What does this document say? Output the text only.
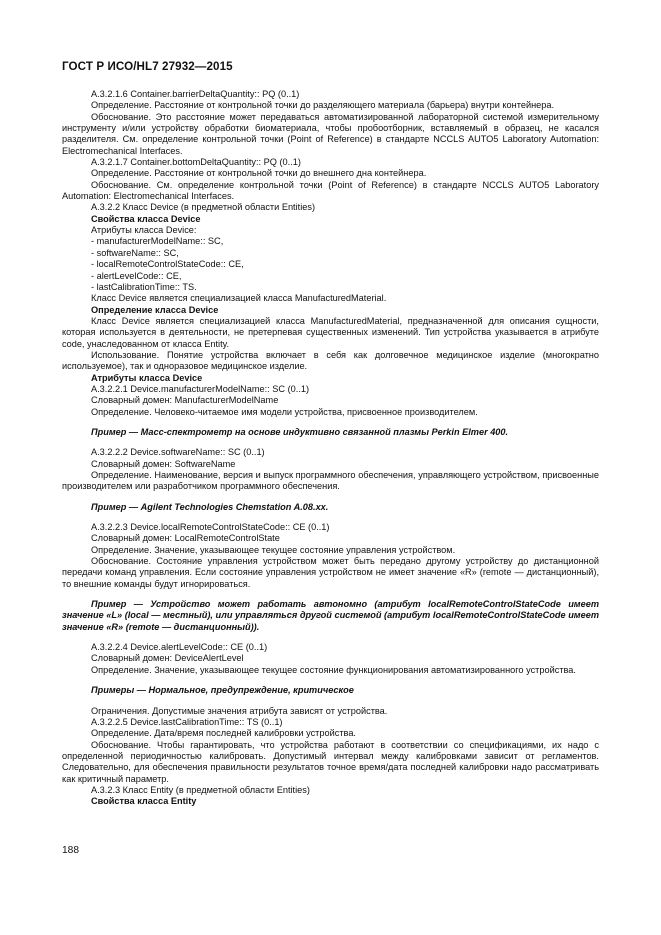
ГОСТ Р ИСО/HL7 27932—2015

A.3.2.1.6 Container.barrierDeltaQuantity:: PQ (0..1)

Определение. Расстояние от контрольной точки до разделяющего материала (барьера) внутри контейнера.

Обоснование. Это расстояние может передаваться автоматизированной лабораторной системой измерительному инструменту и/или устройству обработки биоматериала, чтобы пробоотборник, вставляемый в образец, не касался разделителя. См. определение контрольной точки (Point of Reference) в стандарте NCCLS AUTO5 Laboratory Automation: Electromechanical Interfaces.

A.3.2.1.7 Container.bottomDeltaQuantity:: PQ (0..1)

Определение. Расстояние от контрольной точки до внешнего дна контейнера.

Обоснование. См. определение контрольной точки (Point of Reference) в стандарте NCCLS AUTO5 Laboratory Automation: Electromechanical Interfaces.

A.3.2.2 Класс Device (в предметной области Entities)

Свойства класса Device

Атрибуты класса Device:

- manufacturerModelName:: SC,

- softwareName:: SC,

- localRemoteControlStateCode:: CE,

- alertLevelCode:: CE,

- lastCalibrationTime:: TS.

Класс Device является специализацией класса ManufacturedMaterial.

Определение класса Device

Класс Device является специализацией класса ManufacturedMaterial, предназначенной для описания сущности, которая используется в деятельности, не претерпевая существенных изменений. Тип устройства указывается в атрибуте code, унаследованном от класса Entity.

Использование. Понятие устройства включает в себя как долговечное медицинское изделие (многократно используемое), так и одноразовое медицинское изделие.

Атрибуты класса Device

A.3.2.2.1 Device.manufacturerModelName:: SC (0..1)

Словарный домен: ManufacturerModelName

Определение. Человеко-читаемое имя модели устройства, присвоенное производителем.

Пример — Масс-спектрометр на основе индуктивно связанной плазмы Perkin Elmer 400.

A.3.2.2.2 Device.softwareName:: SC (0..1)

Словарный домен: SoftwareName

Определение. Наименование, версия и выпуск программного обеспечения, управляющего устройством, присвоенные производителем или разработчиком программного обеспечения.

Пример — Agilent Technologies Chemstation A.08.xx.

A.3.2.2.3 Device.localRemoteControlStateCode:: CE (0..1)

Словарный домен: LocalRemoteControlState

Определение. Значение, указывающее текущее состояние управления устройством.

Обоснование. Состояние управления устройством может быть передано другому устройству до дистанционной передачи команд управления. Если состояние управления устройством не имеет значение «R» (remote — дистанционный), то внешние команды будут игнорироваться.

Пример — Устройство может работать автономно (атрибут localRemoteControlStateCode имеет значение «L» (local — местный), или управляться другой системой (атрибут localRemoteControlStateCode имеет значение «R» (remote — дистанционный)).

A.3.2.2.4 Device.alertLevelCode:: CE (0..1)

Словарный домен: DeviceAlertLevel

Определение. Значение, указывающее текущее состояние функционирования автоматизированного устройства.

Примеры — Нормальное, предупреждение, критическое

Ограничения. Допустимые значения атрибута зависят от устройства.

A.3.2.2.5 Device.lastCalibrationTime:: TS (0..1)

Определение. Дата/время последней калибровки устройства.

Обоснование. Чтобы гарантировать, что устройства работают в соответствии со спецификациями, их надо с определенной периодичностью калибровать. Допустимый интервал между калибровками зависит от регламентов. Следовательно, для обеспечения правильности результатов точное время/дата последней калибровки надо рассматривать как критичный параметр.

A.3.2.3 Класс Entity (в предметной области Entities)

Свойства класса Entity

188
